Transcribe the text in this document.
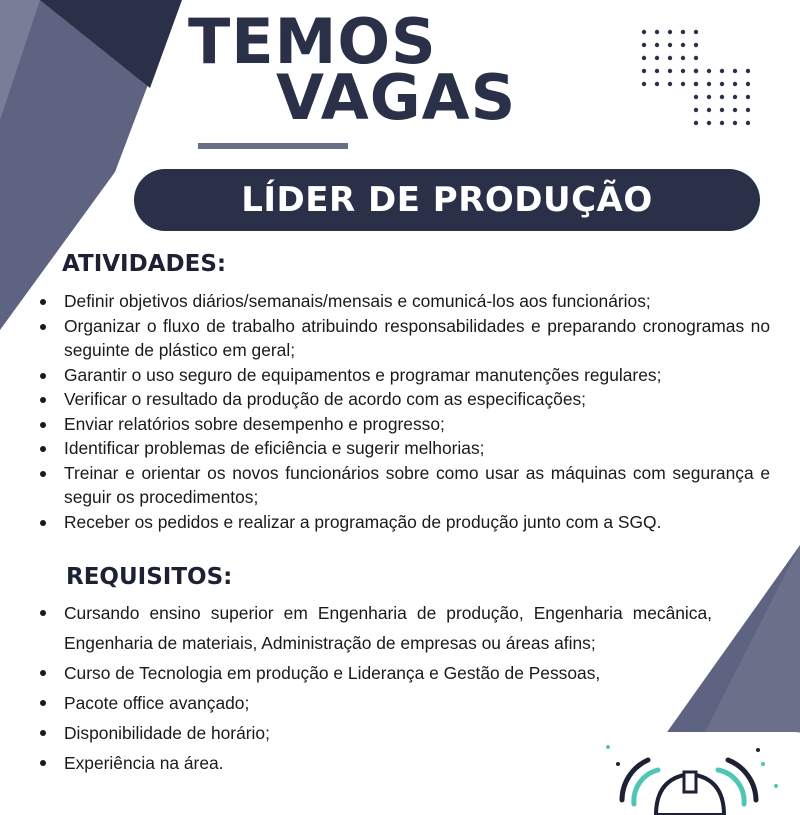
TEMOS
VAGAS
LÍDER DE PRODUÇÃO
ATIVIDADES:
Definir objetivos diários/semanais/mensais e comunicá-los aos funcionários;
Organizar o fluxo de trabalho atribuindo responsabilidades e preparando cronogramas no seguinte de plástico em geral;
Garantir o uso seguro de equipamentos e programar manutenções regulares;
Verificar o resultado da produção de acordo com as especificações;
Enviar relatórios sobre desempenho e progresso;
Identificar problemas de eficiência e sugerir melhorias;
Treinar e orientar os novos funcionários sobre como usar as máquinas com segurança e seguir os procedimentos;
Receber os pedidos e realizar a programação de produção junto com a SGQ.
REQUISITOS:
Cursando ensino superior em Engenharia de produção, Engenharia mecânica, Engenharia de materiais, Administração de empresas ou áreas afins;
Curso de Tecnologia em produção e Liderança e Gestão de Pessoas,
Pacote office avançado;
Disponibilidade de horário;
Experiência na área.
